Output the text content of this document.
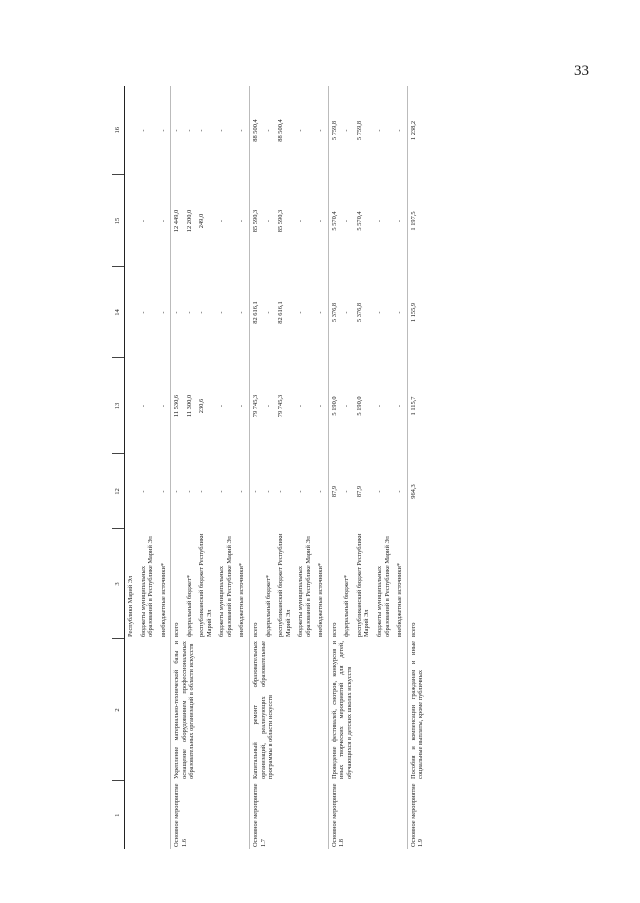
33
1	2	3	12	13	14	15	16
		Республики Марий Эл					
		бюджеты муниципальных образований в Республике Марий Эл	-	-	-	-	-
		внебюджетные источники*	-	-	-	-	-
Основное мероприятие 1.6	Укрепление материально-технической базы и оснащение оборудованием профессиональных образовательных организаций в области искусств	всего	-	11 530,6	-	12 449,0	-
		федеральный бюджет*	-	11 300,0	-	12 200,0	-
		республиканский бюджет Республики Марий Эл	-	230,6	-	249,0	-
		бюджеты муниципальных образований в Республике Марий Эл	-	-	-	-	-
		внебюджетные источники*	-	-	-	-	-
Основное мероприятие 1.7	Капитальный ремонт образовательных организаций, реализующих образовательные программы в области искусств	всего	-	79 745,3	82 616,1	85 590,3	88 500,4
		федеральный бюджет*	-	-	-	-	-
		республиканский бюджет Республики Марий Эл	-	79 745,3	82 616,1	85 590,3	88 500,4
		бюджеты муниципальных образований в Республике Марий Эл	-	-	-	-	-
		внебюджетные источники*	-	-	-	-	-
Основное мероприятие 1.8	Проведение фестивалей, смотров, конкурсов и иных творческих мероприятий для детей, обучающихся в детских школах искусств	всего	87,9	5 190,0	5 376,8	5 570,4	5 759,8
		федеральный бюджет*	-	-	-	-	-
		республиканский бюджет Республики Марий Эл	87,9	5 190,0	5 376,8	5 570,4	5 759,8
		бюджеты муниципальных образований в Республике Марий Эл	-	-	-	-	-
		внебюджетные источники*	-	-	-	-	-
Основное мероприятие 1.9	Пособия и компенсации гражданам и иные социальные выплаты, кроме публичных	всего	964,3	1 115,7	1 155,9	1 197,5	1 238,2
